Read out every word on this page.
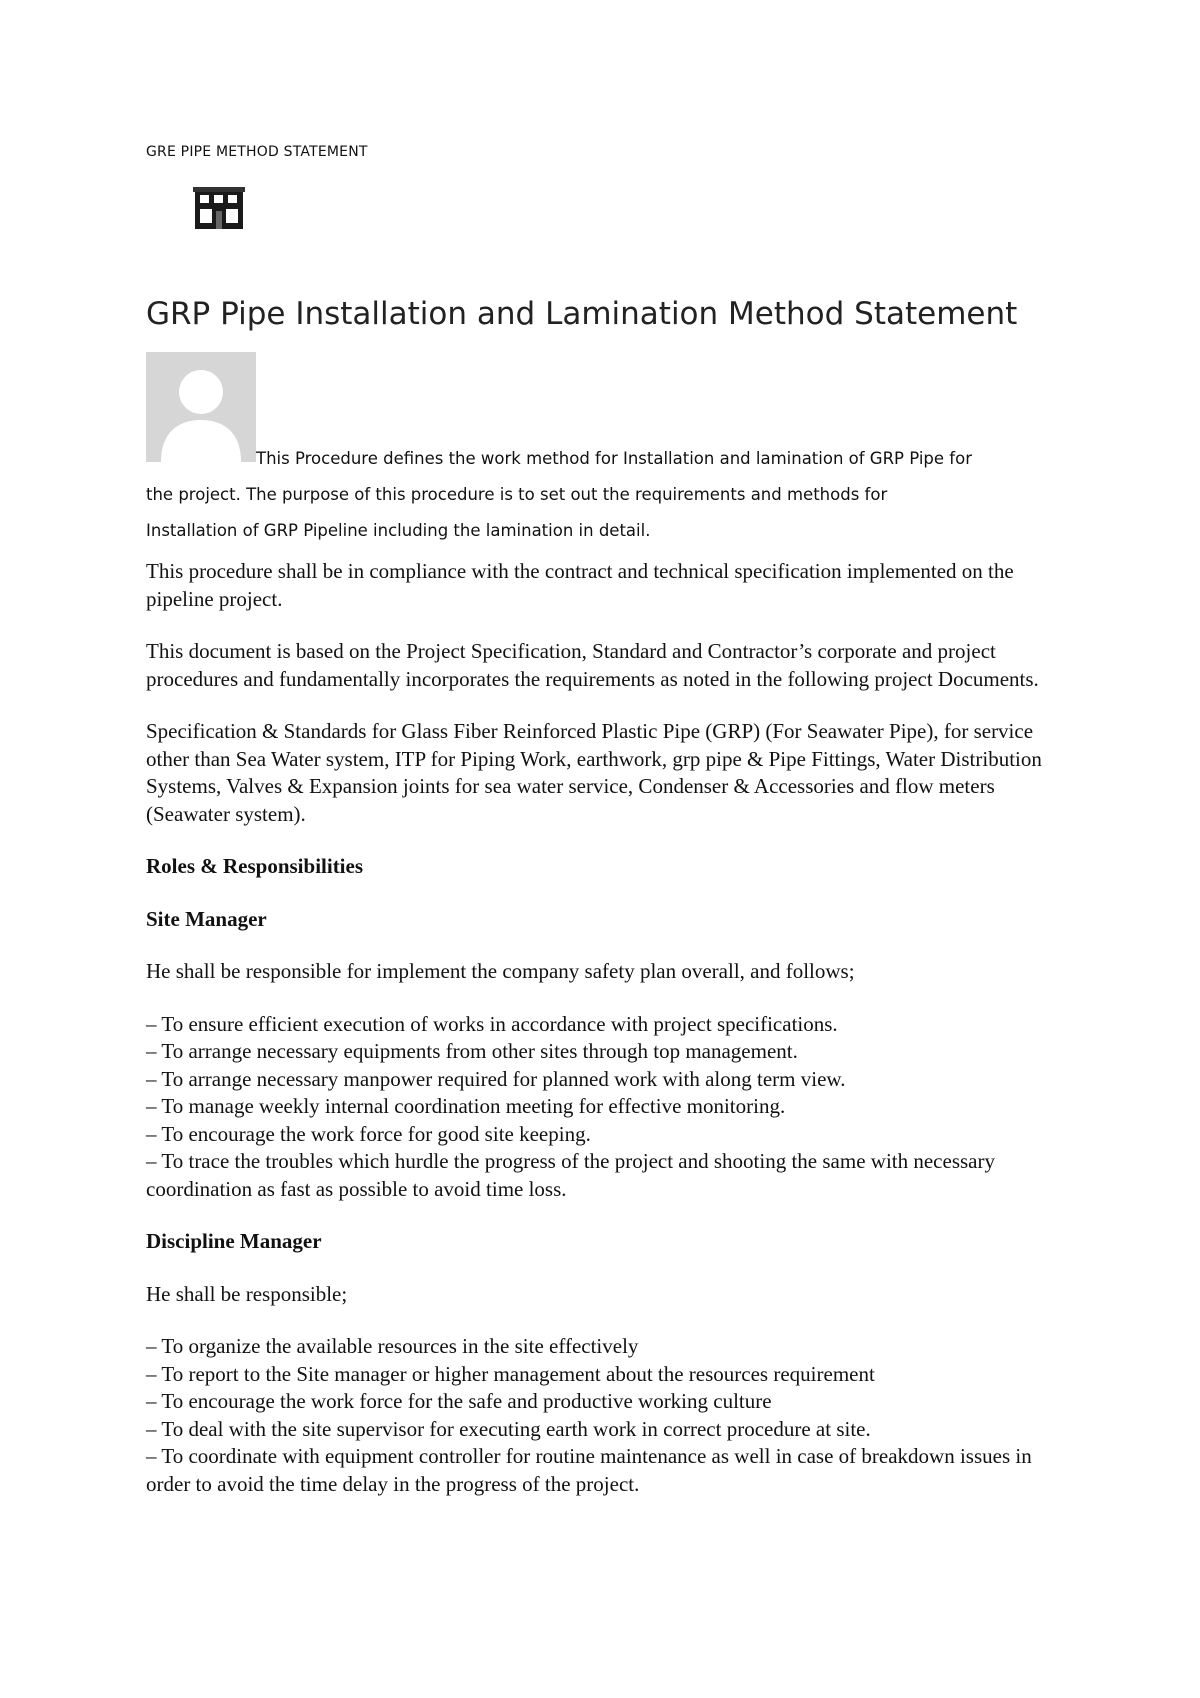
GRE PIPE METHOD STATEMENT
GRP Pipe Installation and Lamination Method Statement

This Procedure defines the work method for Installation and lamination of GRP Pipe for
the project. The purpose of this procedure is to set out the requirements and methods for
Installation of GRP Pipeline including the lamination in detail.

This procedure shall be in compliance with the contract and technical specification implemented on the pipeline project.

This document is based on the Project Specification, Standard and Contractor’s corporate and project procedures and fundamentally incorporates the requirements as noted in the following project Documents.

Specification & Standards for Glass Fiber Reinforced Plastic Pipe (GRP) (For Seawater Pipe), for service other than Sea Water system, ITP for Piping Work, earthwork, grp pipe & Pipe Fittings, Water Distribution Systems, Valves & Expansion joints for sea water service, Condenser & Accessories and flow meters (Seawater system).

Roles & Responsibilities
Site Manager

He shall be responsible for implement the company safety plan overall, and follows;

– To ensure efficient execution of works in accordance with project specifications.
– To arrange necessary equipments from other sites through top management.
– To arrange necessary manpower required for planned work with along term view.
– To manage weekly internal coordination meeting for effective monitoring.
– To encourage the work force for good site keeping.
– To trace the troubles which hurdle the progress of the project and shooting the same with necessary coordination as fast as possible to avoid time loss.
Discipline Manager

He shall be responsible;

– To organize the available resources in the site effectively
– To report to the Site manager or higher management about the resources requirement
– To encourage the work force for the safe and productive working culture
– To deal with the site supervisor for executing earth work in correct procedure at site.
– To coordinate with equipment controller for routine maintenance as well in case of breakdown issues in order to avoid the time delay in the progress of the project.
